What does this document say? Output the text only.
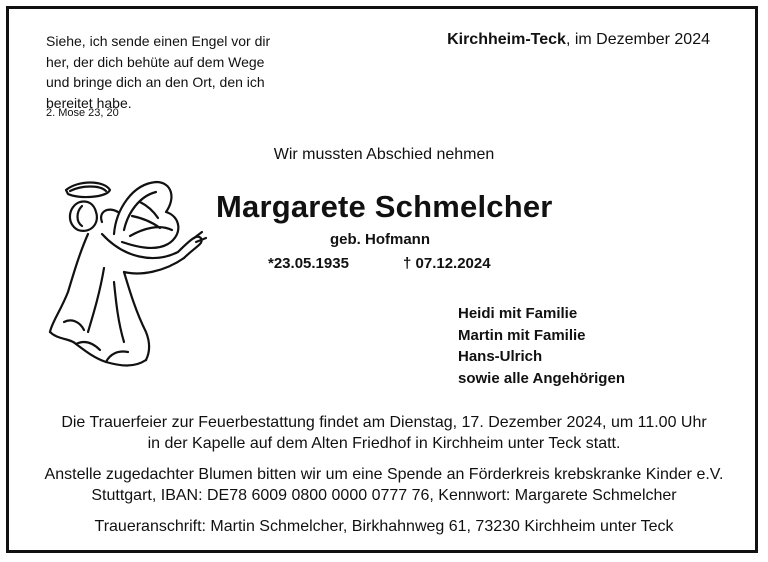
Siehe, ich sende einen Engel vor dir
her, der dich behüte auf dem Wege
und bringe dich an den Ort, den ich
bereitet habe.
2. Mose 23, 20
Kirchheim-Teck, im Dezember 2024
Wir mussten Abschied nehmen
Margarete Schmelcher
geb. Hofmann
*23.05.1935	† 07.12.2024
Heidi mit Familie
Martin mit Familie
Hans-Ulrich
sowie alle Angehörigen
Die Trauerfeier zur Feuerbestattung findet am Dienstag, 17. Dezember 2024, um 11.00 Uhr
in der Kapelle auf dem Alten Friedhof in Kirchheim unter Teck statt.
Anstelle zugedachter Blumen bitten wir um eine Spende an Förderkreis krebskranke Kinder e.V.
Stuttgart, IBAN: DE78 6009 0800 0000 0777 76, Kennwort: Margarete Schmelcher
Traueranschrift: Martin Schmelcher, Birkhahnweg 61, 73230 Kirchheim unter Teck
